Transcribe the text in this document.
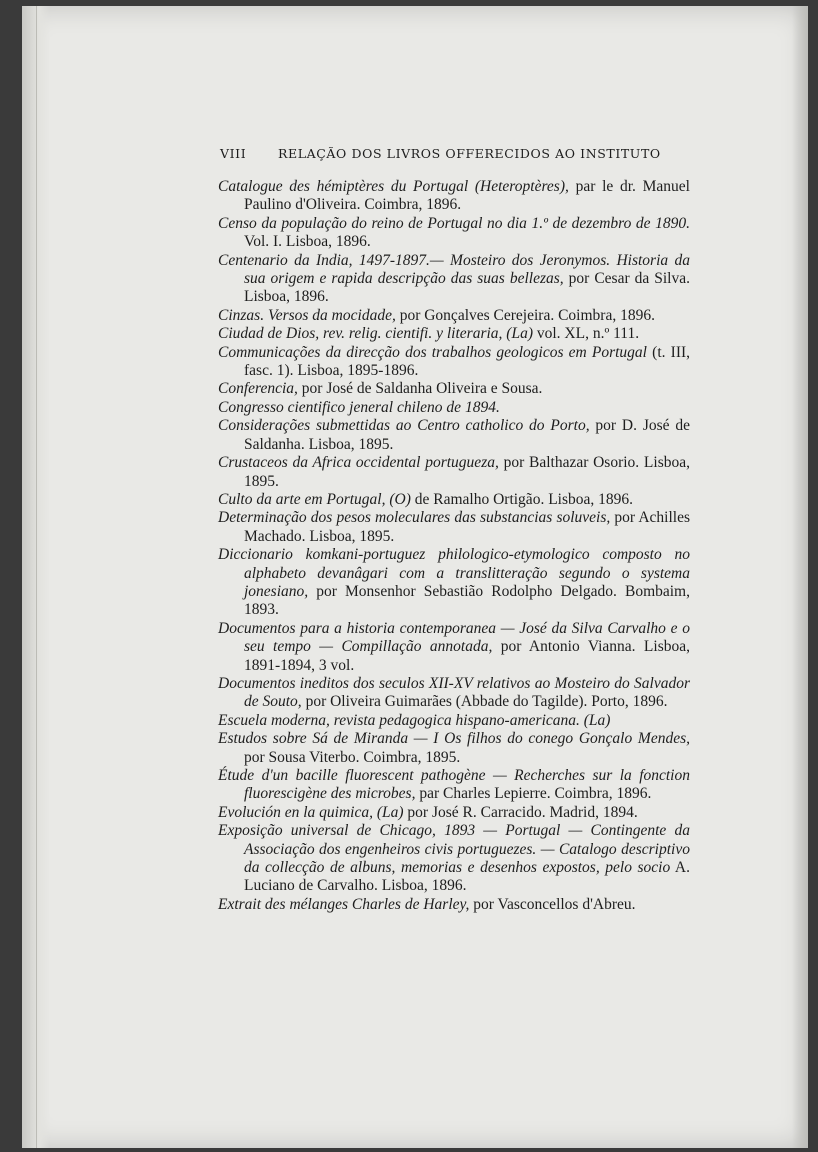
VIII	RELAÇÃO DOS LIVROS OFFERECIDOS AO INSTITUTO

Catalogue des hémiptères du Portugal (Heteroptères), par le dr. Manuel Paulino d'Oliveira. Coimbra, 1896.

Censo da população do reino de Portugal no dia 1.º de dezembro de 1890. Vol. I. Lisboa, 1896.

Centenario da India, 1497-1897.— Mosteiro dos Jeronymos. Historia da sua origem e rapida descripção das suas bellezas, por Cesar da Silva. Lisboa, 1896.

Cinzas. Versos da mocidade, por Gonçalves Cerejeira. Coimbra, 1896.

Ciudad de Dios, rev. relig. cientifi. y literaria, (La) vol. XL, n.º 111.

Communicações da direcção dos trabalhos geologicos em Portugal (t. III, fasc. 1). Lisboa, 1895-1896.

Conferencia, por José de Saldanha Oliveira e Sousa.

Congresso cientifico jeneral chileno de 1894.

Considerações submettidas ao Centro catholico do Porto, por D. José de Saldanha. Lisboa, 1895.

Crustaceos da Africa occidental portugueza, por Balthazar Osorio. Lisboa, 1895.

Culto da arte em Portugal, (O) de Ramalho Ortigão. Lisboa, 1896.

Determinação dos pesos moleculares das substancias soluveis, por Achilles Machado. Lisboa, 1895.

Diccionario komkani-portuguez philologico-etymologico composto no alphabeto devanâgari com a translitteração segundo o systema jonesiano, por Monsenhor Sebastião Rodolpho Delgado. Bombaim, 1893.

Documentos para a historia contemporanea — José da Silva Carvalho e o seu tempo — Compillação annotada, por Antonio Vianna. Lisboa, 1891-1894, 3 vol.

Documentos ineditos dos seculos XII-XV relativos ao Mosteiro do Salvador de Souto, por Oliveira Guimarães (Abbade do Tagilde). Porto, 1896.

Escuela moderna, revista pedagogica hispano-americana. (La)

Estudos sobre Sá de Miranda — I Os filhos do conego Gonçalo Mendes, por Sousa Viterbo. Coimbra, 1895.

Étude d'un bacille fluorescent pathogène — Recherches sur la fonction fluorescigène des microbes, par Charles Lepierre. Coimbra, 1896.

Evolución en la quimica, (La) por José R. Carracido. Madrid, 1894.

Exposição universal de Chicago, 1893 — Portugal — Contingente da Associação dos engenheiros civis portuguezes. — Catalogo descriptivo da collecção de albuns, memorias e desenhos expostos, pelo socio A. Luciano de Carvalho. Lisboa, 1896.

Extrait des mélanges Charles de Harley, por Vasconcellos d'Abreu.
